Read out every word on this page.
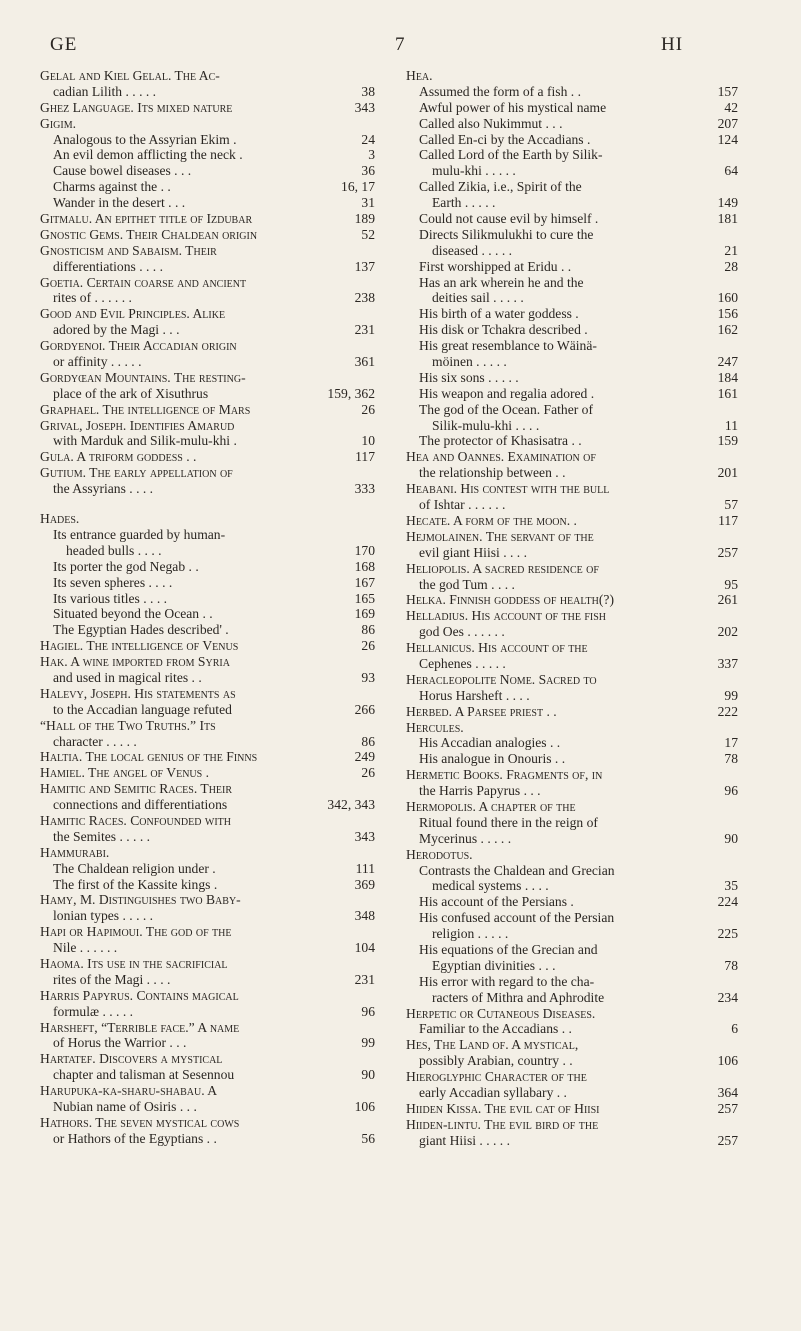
GE	7	HI
Gelal and Kiel Gelal. The Ac-
cadian Lilith . . . . .	38
Ghez Language. Its mixed nature	343
Gigim.
Analogous to the Assyrian Ekim .	24
An evil demon afflicting the neck .	3
Cause bowel diseases . . .	36
Charms against the . .	16, 17
Wander in the desert . . .	31
Gitmalu. An epithet title of Izdubar	189
Gnostic Gems. Their Chaldean origin	52
Gnosticism and Sabaism. Their
differentiations . . . .	137
Goetia. Certain coarse and ancient
rites of . . . . . .	238
Good and Evil Principles. Alike
adored by the Magi . . .	231
Gordyenoi. Their Accadian origin
or affinity . . . . .	361
Gordyœan Mountains. The resting-
place of the ark of Xisuthrus	159, 362
Graphael. The intelligence of Mars	26
Grival, Joseph. Identifies Amarud
with Marduk and Silik-mulu-khi .	10
Gula. A triform goddess . .	117
Gutium. The early appellation of
the Assyrians . . . .	333
Hades.
Its entrance guarded by human-
headed bulls . . . .	170
Its porter the god Negab . .	168
Its seven spheres . . . .	167
Its various titles . . . .	165
Situated beyond the Ocean . .	169
The Egyptian Hades described' .	86
Hagiel. The intelligence of Venus	26
Hak. A wine imported from Syria
and used in magical rites . .	93
Halevy, Joseph. His statements as
to the Accadian language refuted	266
“Hall of the Two Truths.” Its
character . . . . .	86
Haltia. The local genius of the Finns	249
Hamiel. The angel of Venus .	26
Hamitic and Semitic Races. Their
connections and differentiations	342, 343
Hamitic Races. Confounded with
the Semites . . . . .	343
Hammurabi.
The Chaldean religion under .	111
The first of the Kassite kings .	369
Hamy, M. Distinguishes two Baby-
lonian types . . . . .	348
Hapi or Hapimoui. The god of the
Nile . . . . . .	104
Haoma. Its use in the sacrificial
rites of the Magi . . . .	231
Harris Papyrus. Contains magical
formulæ . . . . .	96
Harsheft, “Terrible face.” A name
of Horus the Warrior . . .	99
Hartatef. Discovers a mystical
chapter and talisman at Sesennou	90
Harupuka-ka-sharu-shabau. A
Nubian name of Osiris . . .	106
Hathors. The seven mystical cows
or Hathors of the Egyptians . .	56
Hea.
Assumed the form of a fish . .	157
Awful power of his mystical name	42
Called also Nukimmut . . .	207
Called En-ci by the Accadians .	124
Called Lord of the Earth by Silik-
mulu-khi . . . . .	64
Called Zikia, i.e., Spirit of the
Earth . . . . .	149
Could not cause evil by himself .	181
Directs Silikmulukhi to cure the
diseased . . . . .	21
First worshipped at Eridu . .	28
Has an ark wherein he and the
deities sail . . . . .	160
His birth of a water goddess .	156
His disk or Tchakra described .	162
His great resemblance to Wäinä-
möinen . . . . .	247
His six sons . . . . .	184
His weapon and regalia adored .	161
The god of the Ocean. Father of
Silik-mulu-khi . . . .	11
The protector of Khasisatra . .	159
Hea and Oannes. Examination of
the relationship between . .	201
Heabani. His contest with the bull
of Ishtar . . . . . .	57
Hecate. A form of the moon. .	117
Hejmolainen. The servant of the
evil giant Hiisi . . . .	257
Heliopolis. A sacred residence of
the god Tum . . . .	95
Helka. Finnish goddess of health(?)	261
Helladius. His account of the fish
god Oes . . . . . .	202
Hellanicus. His account of the
Cephenes . . . . .	337
Heracleopolite Nome. Sacred to
Horus Harsheft . . . .	99
Herbed. A Parsee priest . .	222
Hercules.
His Accadian analogies . .	17
His analogue in Onouris . .	78
Hermetic Books. Fragments of, in
the Harris Papyrus . . .	96
Hermopolis. A chapter of the
Ritual found there in the reign of
Mycerinus . . . . .	90
Herodotus.
Contrasts the Chaldean and Grecian
medical systems . . . .	35
His account of the Persians .	224
His confused account of the Persian
religion . . . . .	225
His equations of the Grecian and
Egyptian divinities . . .	78
His error with regard to the cha-
racters of Mithra and Aphrodite	234
Herpetic or Cutaneous Diseases.
Familiar to the Accadians . .	6
Hes, The Land of. A mystical,
possibly Arabian, country . .	106
Hieroglyphic Character of the
early Accadian syllabary . .	364
Hiiden Kissa. The evil cat of Hiisi	257
Hiiden-lintu. The evil bird of the
giant Hiisi . . . . .	257
